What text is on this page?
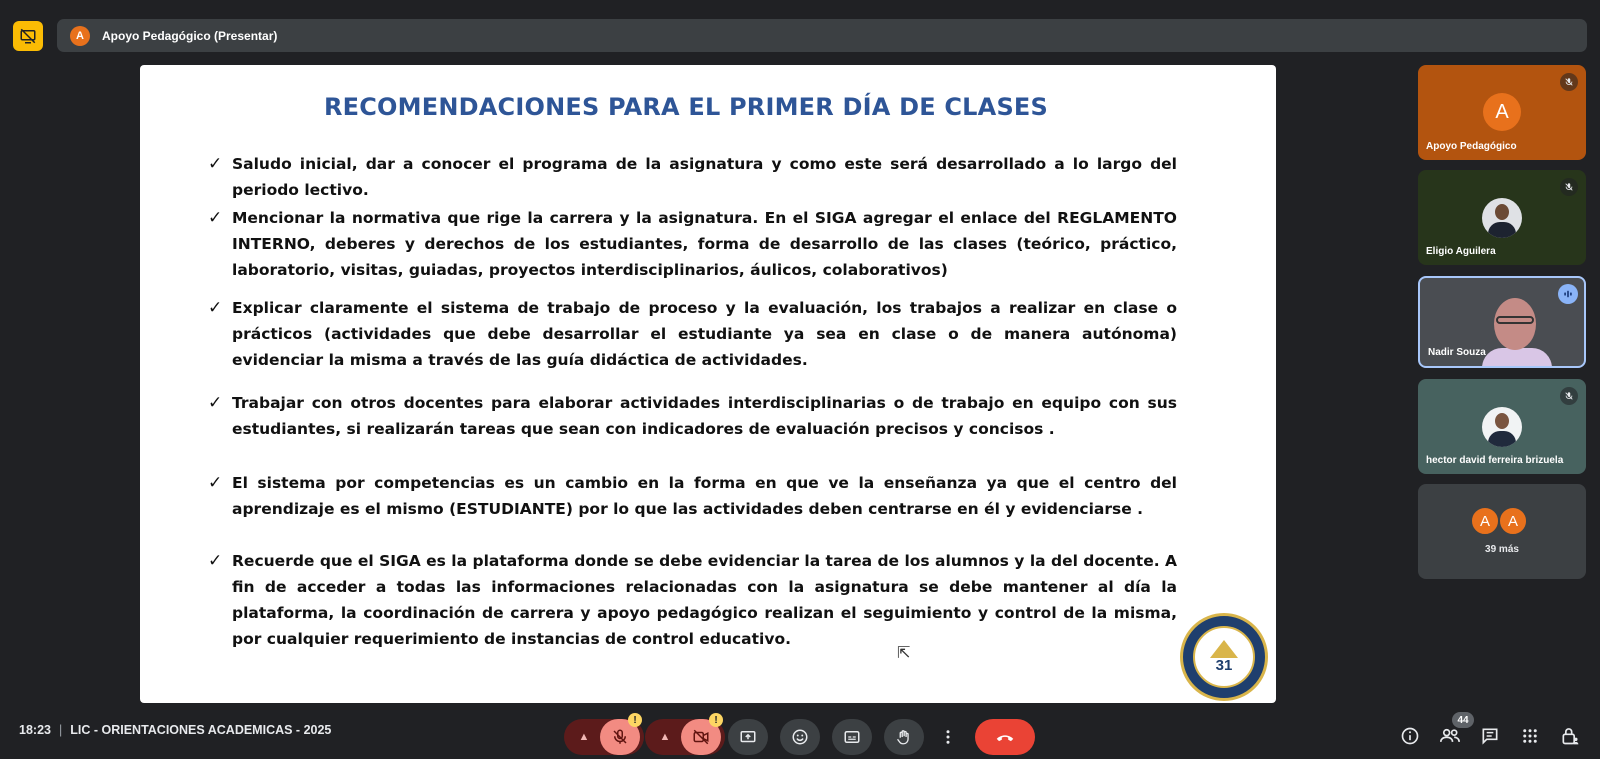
A	Apoyo Pedagógico (Presentar)
RECOMENDACIONES PARA EL PRIMER DÍA DE CLASES
✓ Saludo inicial, dar a conocer el programa de la asignatura y como este será desarrollado a lo largo del periodo lectivo.
✓ Mencionar la normativa que rige la carrera y la asignatura. En el SIGA agregar el enlace del REGLAMENTO INTERNO, deberes y derechos de los estudiantes, forma de desarrollo de las clases (teórico, práctico, laboratorio, visitas, guiadas, proyectos interdisciplinarios, áulicos, colaborativos)
✓ Explicar claramente el sistema de trabajo de proceso y la evaluación, los trabajos a realizar en clase o prácticos (actividades que debe desarrollar el estudiante ya sea en clase o de manera autónoma) evidenciar la misma a través de las guía didáctica de actividades.
✓ Trabajar con otros docentes para elaborar actividades interdisciplinarias o de trabajo en equipo con sus estudiantes, si realizarán tareas que sean con indicadores de evaluación precisos y concisos .
✓ El sistema por competencias es un cambio en la forma en que ve la enseñanza ya que el centro del aprendizaje es el mismo (ESTUDIANTE) por lo que las actividades deben centrarse en él y evidenciarse .
✓ Recuerde que el SIGA es la plataforma donde se debe evidenciar la tarea de los alumnos y la del docente. A fin de acceder a todas las informaciones relacionadas con la asignatura se debe mantener al día la plataforma, la coordinación de carrera y apoyo pedagógico realizan el seguimiento y control de la misma, por cualquier requerimiento de instancias de control educativo.
31
⇱
A
Apoyo Pedagógico
Eligio Aguilera
Nadir Souza
hector david ferreira brizuela
A	A
39 más
18:23 | LIC - ORIENTACIONES ACADEMICAS - 2025	▲
!
▲
!	44
